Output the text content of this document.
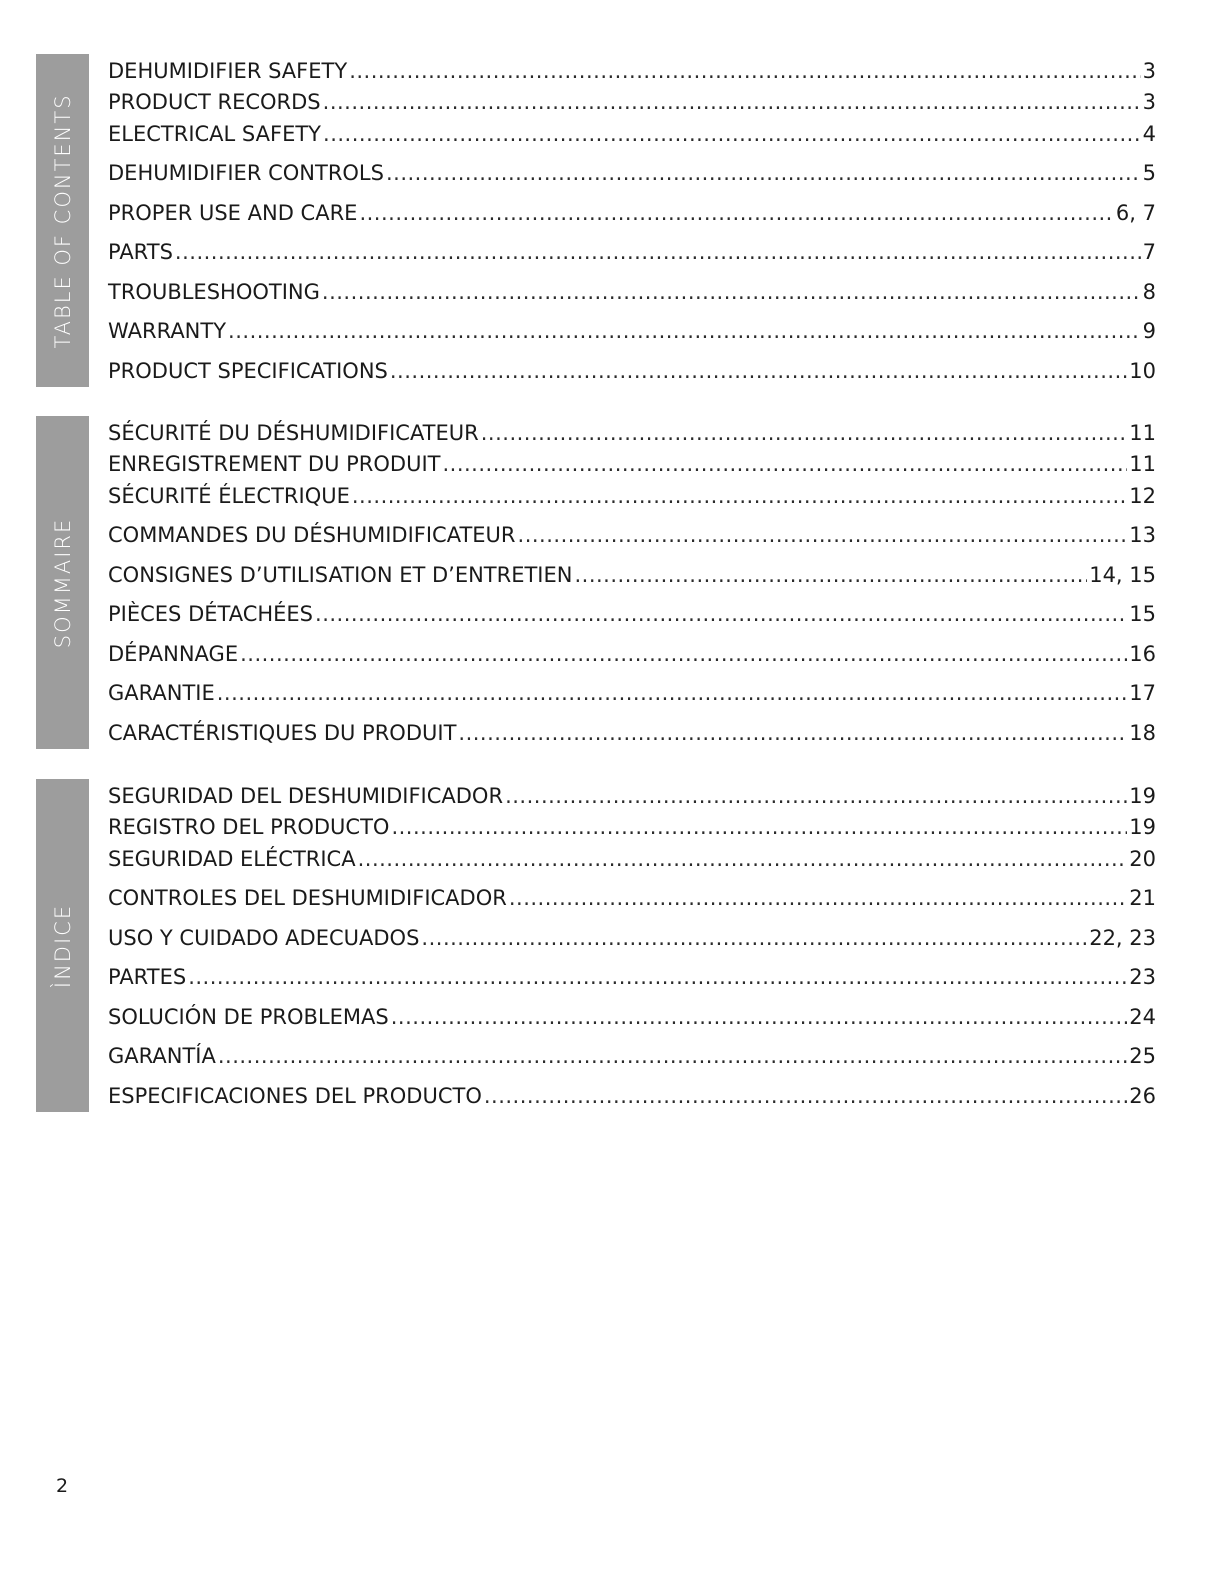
TABLE OF CONTENTS
DEHUMIDIFIER SAFETY .....	3
PRODUCT RECORDS .....	3
ELECTRICAL SAFETY .....	4
DEHUMIDIFIER CONTROLS .....	5
PROPER USE AND CARE .....	6, 7
PARTS .....	7
TROUBLESHOOTING .....	8
WARRANTY .....	9
PRODUCT SPECIFICATIONS .....	10
SOMMAIRE
SÉCURITÉ DU DÉSHUMIDIFICATEUR .....	11
ENREGISTREMENT DU PRODUIT .....	11
SÉCURITÉ ÉLECTRIQUE .....	12
COMMANDES DU DÉSHUMIDIFICATEUR .....	13
CONSIGNES D’UTILISATION ET D’ENTRETIEN .....	14, 15
PIÈCES DÉTACHÉES .....	15
DÉPANNAGE .....	16
GARANTIE .....	17
CARACTÉRISTIQUES DU PRODUIT .....	18
ÌNDICE
SEGURIDAD DEL DESHUMIDIFICADOR .....	19
REGISTRO DEL PRODUCTO .....	19
SEGURIDAD ELÉCTRICA .....	20
CONTROLES DEL DESHUMIDIFICADOR .....	21
USO Y CUIDADO ADECUADOS .....	22, 23
PARTES .....	23
SOLUCIÓN DE PROBLEMAS .....	24
GARANTÍA .....	25
ESPECIFICACIONES DEL PRODUCTO .....	26
2
